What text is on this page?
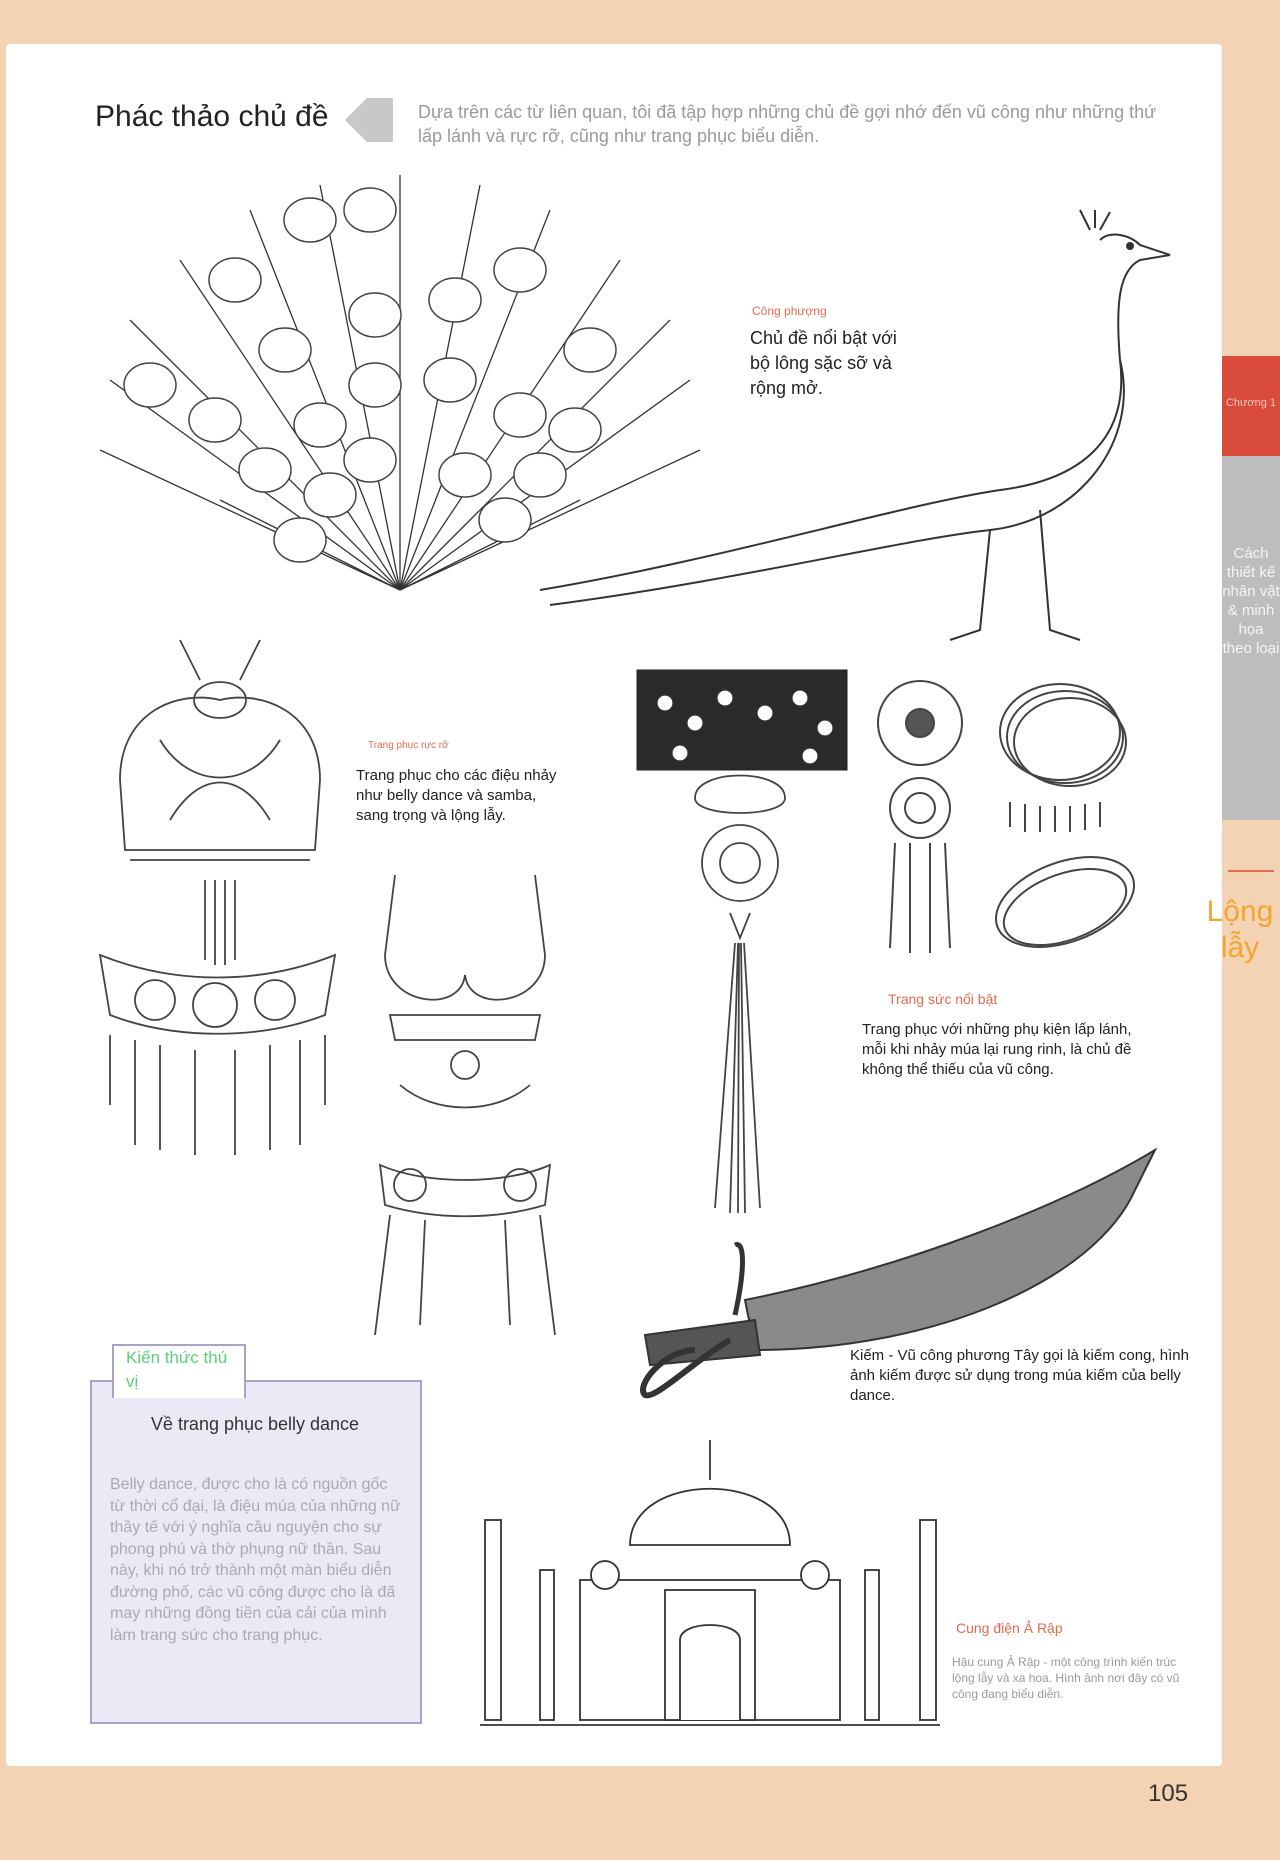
Phác thảo chủ đề	Dựa trên các từ liên quan, tôi đã tập hợp những chủ đề gợi nhớ đến vũ công như những thứ lấp lánh và rực rỡ, cũng như trang phục biểu diễn.
Công phượng
Chủ đề nổi bật với bộ lông sặc sỡ và rộng mở.
Trang phục rực rỡ
Trang phục cho các điệu nhảy như belly dance và samba, sang trọng và lộng lẫy.
Trang sức nổi bật
Trang phục với những phụ kiện lấp lánh, mỗi khi nhảy múa lại rung rinh, là chủ đề không thể thiếu của vũ công.
Kiếm - Vũ công phương Tây gọi là kiếm cong, hình ảnh kiếm được sử dụng trong múa kiếm của belly dance.
Cung điện Ả Rập
Hậu cung Ả Rập - một công trình kiến trúc lộng lẫy và xa hoa. Hình ảnh nơi đây có vũ công đang biểu diễn.
Kiến thức thú vị
Về trang phục belly dance
Belly dance, được cho là có nguồn gốc từ thời cổ đại, là điệu múa của những nữ thầy tế với ý nghĩa cầu nguyện cho sự phong phú và thờ phụng nữ thần. Sau này, khi nó trở thành một màn biểu diễn đường phố, các vũ công được cho là đã may những đồng tiền của cải của mình làm trang sức cho trang phục.
Chương 1
Cách thiết kế nhân vật & minh họa theo loại
Lộng lẫy
105
